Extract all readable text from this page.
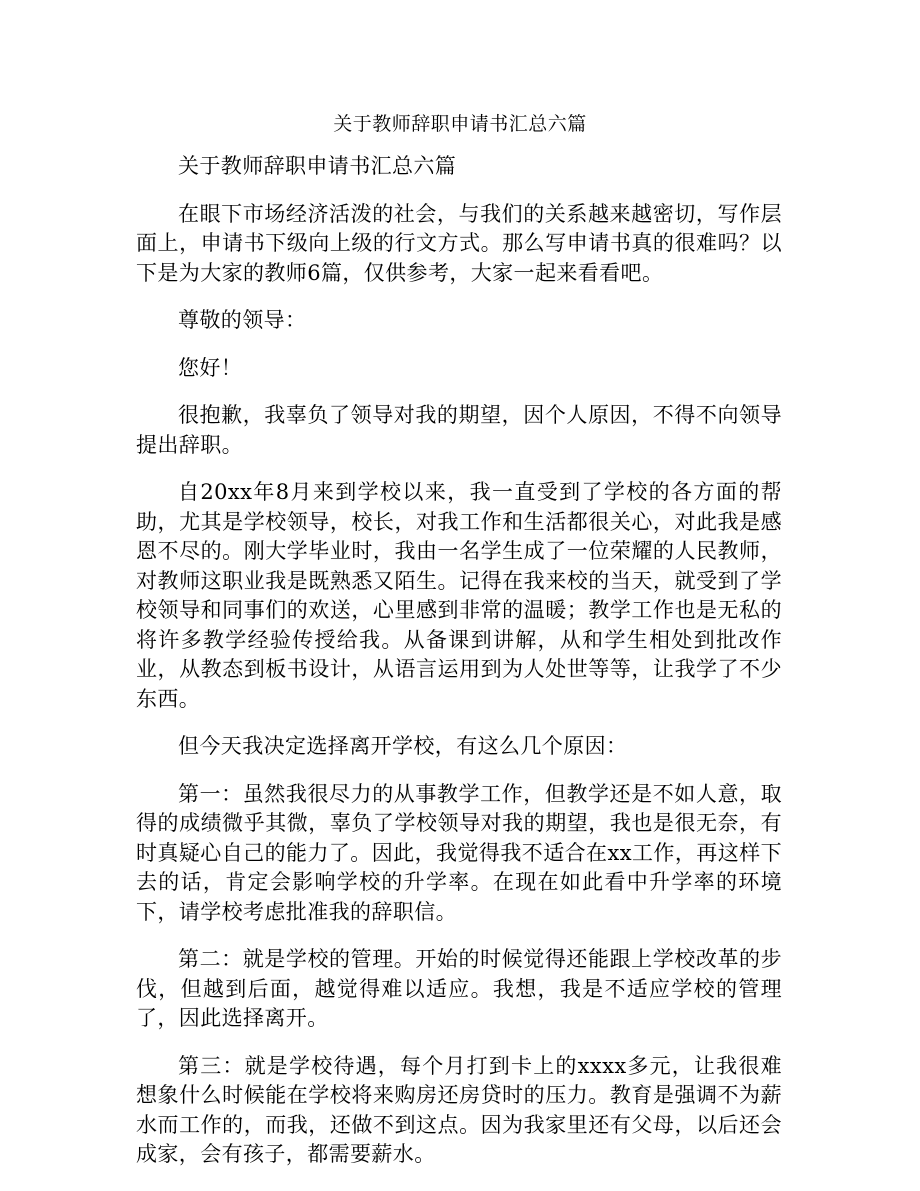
关于教师辞职申请书汇总六篇

关于教师辞职申请书汇总六篇

在眼下市场经济活泼的社会，与我们的关系越来越密切，写作层面上，申请书下级向上级的行文方式。那么写申请书真的很难吗？以下是为大家的教师6篇，仅供参考，大家一起来看看吧。

尊敬的领导：

您好！

很抱歉，我辜负了领导对我的期望，因个人原因，不得不向领导提出辞职。

自20xx年8月来到学校以来，我一直受到了学校的各方面的帮助，尤其是学校领导，校长，对我工作和生活都很关心，对此我是感恩不尽的。刚大学毕业时，我由一名学生成了一位荣耀的人民教师，对教师这职业我是既熟悉又陌生。记得在我来校的当天，就受到了学校领导和同事们的欢送，心里感到非常的温暖；教学工作也是无私的将许多教学经验传授给我。从备课到讲解，从和学生相处到批改作业，从教态到板书设计，从语言运用到为人处世等等，让我学了不少东西。

但今天我决定选择离开学校，有这么几个原因：

第一：虽然我很尽力的从事教学工作，但教学还是不如人意，取得的成绩微乎其微，辜负了学校领导对我的期望，我也是很无奈，有时真疑心自己的能力了。因此，我觉得我不适合在xx工作，再这样下去的话，肯定会影响学校的升学率。在现在如此看中升学率的环境下，请学校考虑批准我的辞职信。

第二：就是学校的管理。开始的时候觉得还能跟上学校改革的步伐，但越到后面，越觉得难以适应。我想，我是不适应学校的管理了，因此选择离开。

第三：就是学校待遇，每个月打到卡上的xxxx多元，让我很难想象什么时候能在学校将来购房还房贷时的压力。教育是强调不为薪水而工作的，而我，还做不到这点。因为我家里还有父母，以后还会成家，会有孩子，都需要薪水。
